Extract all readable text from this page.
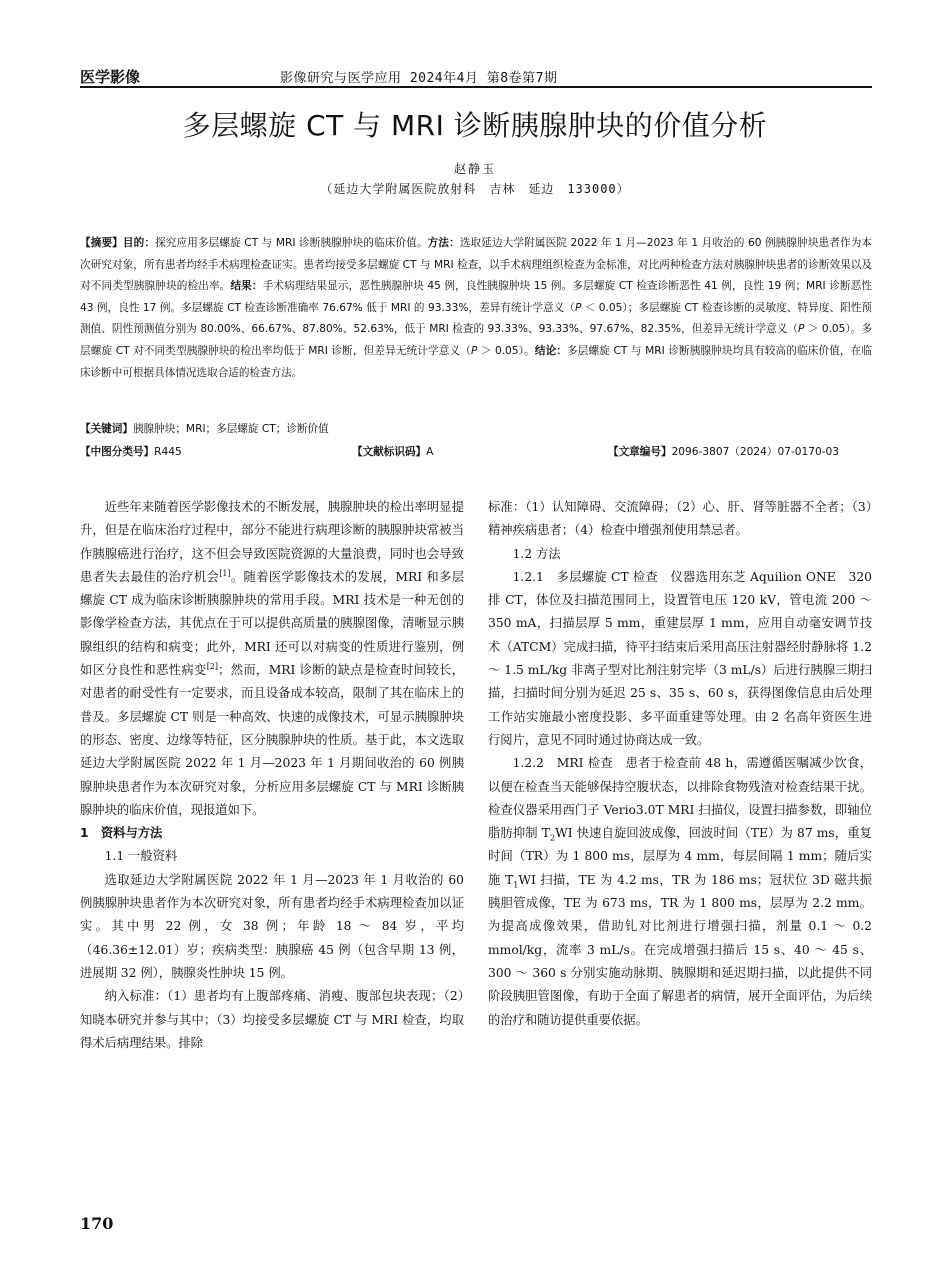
医学影像	影像研究与医学应用 2024年4月 第8卷第7期
多层螺旋 CT 与 MRI 诊断胰腺肿块的价值分析
赵静玉
（延边大学附属医院放射科　吉林　延边　133000）
【摘要】目的：探究应用多层螺旋 CT 与 MRI 诊断胰腺肿块的临床价值。方法：选取延边大学附属医院 2022 年 1 月—2023 年 1 月收治的 60 例胰腺肿块患者作为本次研究对象，所有患者均经手术病理检查证实。患者均接受多层螺旋 CT 与 MRI 检查，以手术病理组织检查为金标准，对比两种检查方法对胰腺肿块患者的诊断效果以及对不同类型胰腺肿块的检出率。结果：手术病理结果显示，恶性胰腺肿块 45 例，良性胰腺肿块 15 例。多层螺旋 CT 检查诊断恶性 41 例，良性 19 例；MRI 诊断恶性 43 例，良性 17 例。多层螺旋 CT 检查诊断准确率 76.67% 低于 MRI 的 93.33%，差异有统计学意义（P ＜ 0.05）；多层螺旋 CT 检查诊断的灵敏度、特异度、阳性预测值、阴性预测值分别为 80.00%、66.67%、87.80%、52.63%，低于 MRI 检查的 93.33%、93.33%、97.67%、82.35%，但差异无统计学意义（P ＞ 0.05）。多层螺旋 CT 对不同类型胰腺肿块的检出率均低于 MRI 诊断，但差异无统计学意义（P ＞ 0.05）。结论：多层螺旋 CT 与 MRI 诊断胰腺肿块均具有较高的临床价值，在临床诊断中可根据具体情况选取合适的检查方法。
【关键词】胰腺肿块；MRI；多层螺旋 CT；诊断价值
【中图分类号】R445	【文献标识码】A	【文章编号】2096-3807（2024）07-0170-03

近些年来随着医学影像技术的不断发展，胰腺肿块的检出率明显提升，但是在临床治疗过程中，部分不能进行病理诊断的胰腺肿块常被当作胰腺癌进行治疗，这不但会导致医院资源的大量浪费，同时也会导致患者失去最佳的治疗机会[1]。随着医学影像技术的发展，MRI 和多层螺旋 CT 成为临床诊断胰腺肿块的常用手段。MRI 技术是一种无创的影像学检查方法，其优点在于可以提供高质量的胰腺图像，清晰显示胰腺组织的结构和病变；此外，MRI 还可以对病变的性质进行鉴别，例如区分良性和恶性病变[2]；然而，MRI 诊断的缺点是检查时间较长，对患者的耐受性有一定要求，而且设备成本较高，限制了其在临床上的普及。多层螺旋 CT 则是一种高效、快速的成像技术，可显示胰腺肿块的形态、密度、边缘等特征，区分胰腺肿块的性质。基于此，本文选取延边大学附属医院 2022 年 1 月—2023 年 1 月期间收治的 60 例胰腺肿块患者作为本次研究对象，分析应用多层螺旋 CT 与 MRI 诊断胰腺肿块的临床价值，现报道如下。

1　资料与方法

1.1 一般资料

选取延边大学附属医院 2022 年 1 月—2023 年 1 月收治的 60 例胰腺肿块患者作为本次研究对象，所有患者均经手术病理检查加以证实。其中男 22 例，女 38 例；年龄 18 ～ 84 岁，平均（46.36±12.01）岁；疾病类型：胰腺癌 45 例（包含早期 13 例，进展期 32 例），胰腺炎性肿块 15 例。

纳入标准：（1）患者均有上腹部疼痛、消瘦、腹部包块表现；（2）知晓本研究并参与其中；（3）均接受多层螺旋 CT 与 MRI 检查，均取得术后病理结果。排除

标准：（1）认知障碍、交流障碍；（2）心、肝、肾等脏器不全者；（3）精神疾病患者；（4）检查中增强剂使用禁忌者。

1.2 方法

1.2.1　多层螺旋 CT 检查　仪器选用东芝 Aquilion ONE　320 排 CT，体位及扫描范围同上，设置管电压 120 kV，管电流 200 ～ 350 mA，扫描层厚 5 mm，重建层厚 1 mm，应用自动毫安调节技术（ATCM）完成扫描，待平扫结束后采用高压注射器经肘静脉将 1.2 ～ 1.5 mL/kg 非离子型对比剂注射完毕（3 mL/s）后进行胰腺三期扫描，扫描时间分别为延迟 25 s、35 s、60 s，获得图像信息由后处理工作站实施最小密度投影、多平面重建等处理。由 2 名高年资医生进行阅片，意见不同时通过协商达成一致。

1.2.2　MRI 检查　患者于检查前 48 h，需遵循医嘱减少饮食，以便在检查当天能够保持空腹状态，以排除食物残渣对检查结果干扰。检查仪器采用西门子 Verio3.0T MRI 扫描仪，设置扫描参数，即轴位脂肪抑制 $T_2WI$ 快速自旋回波成像，回波时间（TE）为 87 ms，重复时间（TR）为 1 800 ms，层厚为 4 mm，每层间隔 1 mm；随后实施 $T_1WI$ 扫描，TE 为 4.2 ms，TR 为 186 ms；冠状位 3D 磁共振胰胆管成像，TE 为 673 ms，TR 为 1 800 ms，层厚为 2.2 mm。为提高成像效果，借助钆对比剂进行增强扫描，剂量 0.1 ～ 0.2 mmol/kg，流率 3 mL/s。在完成增强扫描后 15 s、40 ～ 45 s、300 ～ 360 s 分别实施动脉期、胰腺期和延迟期扫描，以此提供不同阶段胰胆管图像，有助于全面了解患者的病情，展开全面评估，为后续的治疗和随访提供重要依据。

170
